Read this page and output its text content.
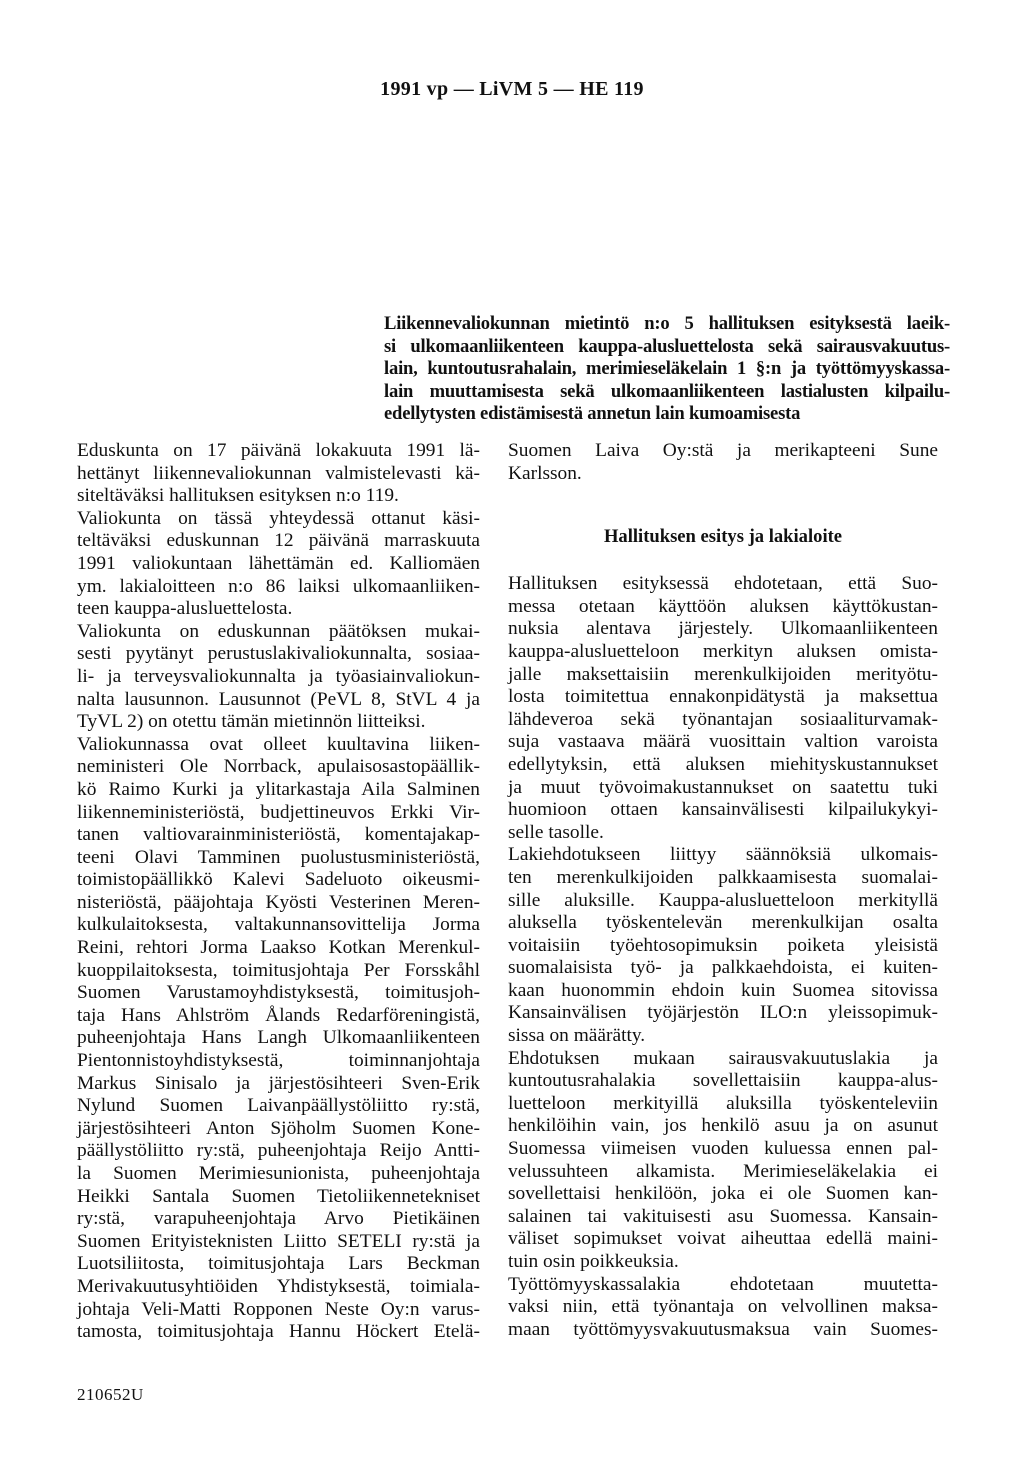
1991 vp — LiVM 5 — HE 119
Liikennevaliokunnan mietintö n:o 5 hallituksen esityksestä laeik-
si ulkomaanliikenteen kauppa-alusluettelosta sekä sairausvakuutus-
lain, kuntoutusrahalain, merimieseläkelain 1 §:n ja työttömyyskassa-
lain muuttamisesta sekä ulkomaanliikenteen lastialusten kilpailu-
edellytysten edistämisestä annetun lain kumoamisesta
Eduskunta on 17 päivänä lokakuuta 1991 lä-
hettänyt liikennevaliokunnan valmistelevasti kä-
siteltäväksi hallituksen esityksen n:o 119.
Valiokunta on tässä yhteydessä ottanut käsi-
teltäväksi eduskunnan 12 päivänä marraskuuta
1991 valiokuntaan lähettämän ed. Kalliomäen
ym. lakialoitteen n:o 86 laiksi ulkomaanliiken-
teen kauppa-alusluettelosta.
Valiokunta on eduskunnan päätöksen mukai-
sesti pyytänyt perustuslakivaliokunnalta, sosiaa-
li- ja terveysvaliokunnalta ja työasiainvaliokun-
nalta lausunnon. Lausunnot (PeVL 8, StVL 4 ja
TyVL 2) on otettu tämän mietinnön liitteiksi.
Valiokunnassa ovat olleet kuultavina liiken-
neministeri Ole Norrback, apulaisosastopäällik-
kö Raimo Kurki ja ylitarkastaja Aila Salminen
liikenneministeriöstä, budjettineuvos Erkki Vir-
tanen valtiovarainministeriöstä, komentajakap-
teeni Olavi Tamminen puolustusministeriöstä,
toimistopäällikkö Kalevi Sadeluoto oikeusmi-
nisteriöstä, pääjohtaja Kyösti Vesterinen Meren-
kulkulaitoksesta, valtakunnansovittelija Jorma
Reini, rehtori Jorma Laakso Kotkan Merenkul-
kuoppilaitoksesta, toimitusjohtaja Per Forsskåhl
Suomen Varustamoyhdistyksestä, toimitusjoh-
taja Hans Ahlström Ålands Redarföreningistä,
puheenjohtaja Hans Langh Ulkomaanliikenteen
Pientonnistoyhdistyksestä, toiminnanjohtaja
Markus Sinisalo ja järjestösihteeri Sven-Erik
Nylund Suomen Laivanpäällystöliitto ry:stä,
järjestösihteeri Anton Sjöholm Suomen Kone-
päällystöliitto ry:stä, puheenjohtaja Reijo Antti-
la Suomen Merimiesunionista, puheenjohtaja
Heikki Santala Suomen Tietoliikennetekniset
ry:stä, varapuheenjohtaja Arvo Pietikäinen
Suomen Erityisteknisten Liitto SETELI ry:stä ja
Luotsiliitosta, toimitusjohtaja Lars Beckman
Merivakuutusyhtiöiden Yhdistyksestä, toimiala-
johtaja Veli-Matti Ropponen Neste Oy:n varus-
tamosta, toimitusjohtaja Hannu Höckert Etelä-
Suomen Laiva Oy:stä ja merikapteeni Sune
Karlsson.
Hallituksen esitys ja lakialoite
Hallituksen esityksessä ehdotetaan, että Suo-
messa otetaan käyttöön aluksen käyttökustan-
nuksia alentava järjestely. Ulkomaanliikenteen
kauppa-alusluetteloon merkityn aluksen omista-
jalle maksettaisiin merenkulkijoiden merityötu-
losta toimitettua ennakonpidätystä ja maksettua
lähdeveroa sekä työnantajan sosiaaliturvamak-
suja vastaava määrä vuosittain valtion varoista
edellytyksin, että aluksen miehityskustannukset
ja muut työvoimakustannukset on saatettu tuki
huomioon ottaen kansainvälisesti kilpailukykyi-
selle tasolle.
Lakiehdotukseen liittyy säännöksiä ulkomais-
ten merenkulkijoiden palkkaamisesta suomalai-
sille aluksille. Kauppa-alusluetteloon merkityllä
aluksella työskentelevän merenkulkijan osalta
voitaisiin työehtosopimuksin poiketa yleisistä
suomalaisista työ- ja palkkaehdoista, ei kuiten-
kaan huonommin ehdoin kuin Suomea sitovissa
Kansainvälisen työjärjestön ILO:n yleissopimuk-
sissa on määrätty.
Ehdotuksen mukaan sairausvakuutuslakia ja
kuntoutusrahalakia sovellettaisiin kauppa-alus-
luetteloon merkityillä aluksilla työskenteleviin
henkilöihin vain, jos henkilö asuu ja on asunut
Suomessa viimeisen vuoden kuluessa ennen pal-
velussuhteen alkamista. Merimieseläkelakia ei
sovellettaisi henkilöön, joka ei ole Suomen kan-
salainen tai vakituisesti asu Suomessa. Kansain-
väliset sopimukset voivat aiheuttaa edellä maini-
tuin osin poikkeuksia.
Työttömyyskassalakia ehdotetaan muutetta-
vaksi niin, että työnantaja on velvollinen maksa-
maan työttömyysvakuutusmaksua vain Suomes-
210652U
